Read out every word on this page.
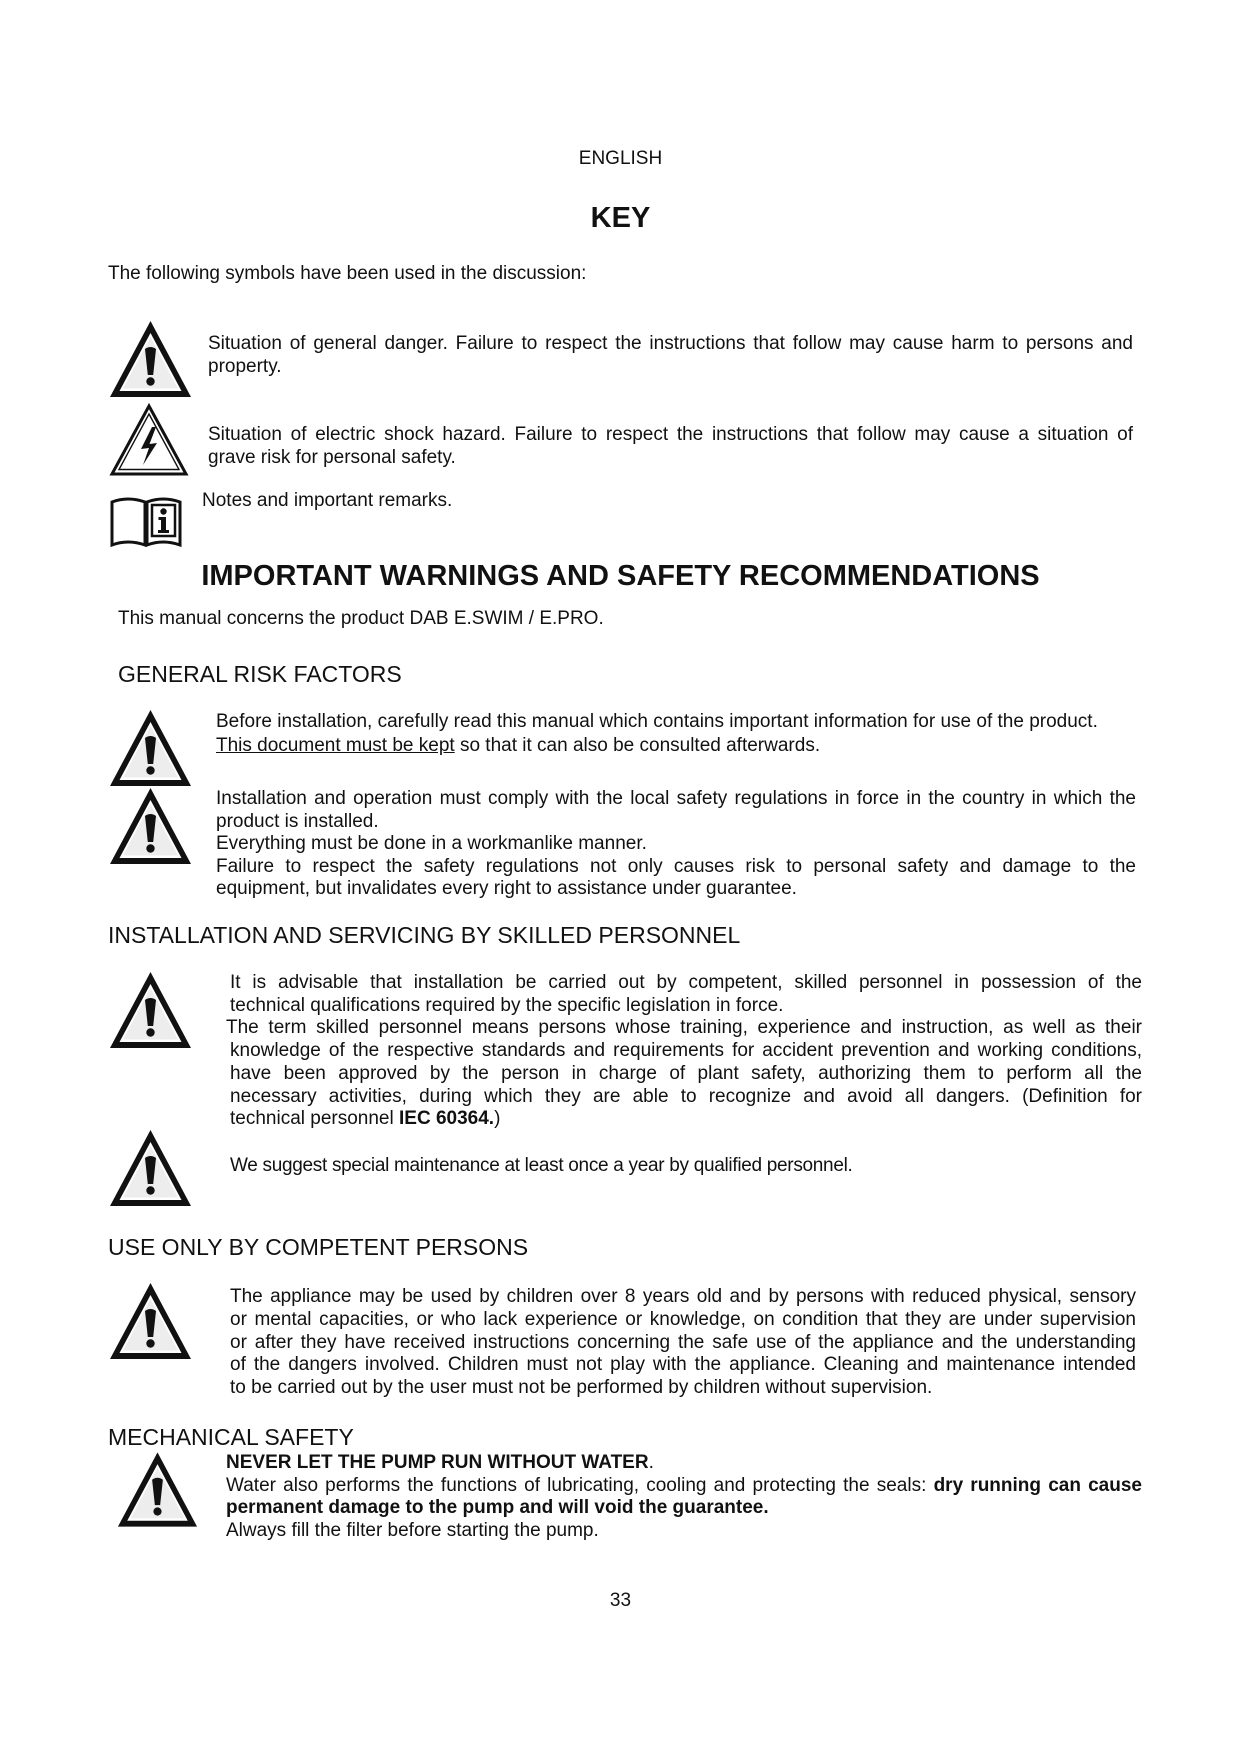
ENGLISH
KEY
The following symbols have been used in the discussion:
Situation of general danger. Failure to respect the instructions that follow may cause harm to persons and
property.
Situation of electric shock hazard. Failure to respect the instructions that follow may cause a situation of
grave risk for personal safety.
Notes and important remarks.
IMPORTANT WARNINGS AND SAFETY RECOMMENDATIONS
This manual concerns the product DAB E.SWIM / E.PRO.
GENERAL RISK FACTORS
Before installation, carefully read this manual which contains important information for use of the product.
This document must be kept so that it can also be consulted afterwards.
Installation and operation must comply with the local safety regulations in force in the country in which the
product is installed.
Everything must be done in a workmanlike manner.
Failure to respect the safety regulations not only causes risk to personal safety and damage to the
equipment, but invalidates every right to assistance under guarantee.
INSTALLATION AND SERVICING BY SKILLED PERSONNEL
It is advisable that installation be carried out by competent, skilled personnel in possession of the
technical qualifications required by the specific legislation in force.
The term skilled personnel means persons whose training, experience and instruction, as well as their
knowledge of the respective standards and requirements for accident prevention and working conditions,
have been approved by the person in charge of plant safety, authorizing them to perform all the
necessary activities, during which they are able to recognize and avoid all dangers. (Definition for
technical personnel IEC 60364.)
We suggest special maintenance at least once a year by qualified personnel.
USE ONLY BY COMPETENT PERSONS
The appliance may be used by children over 8 years old and by persons with reduced physical, sensory
or mental capacities, or who lack experience or knowledge, on condition that they are under supervision
or after they have received instructions concerning the safe use of the appliance and the understanding
of the dangers involved. Children must not play with the appliance. Cleaning and maintenance intended
to be carried out by the user must not be performed by children without supervision.
MECHANICAL SAFETY
NEVER LET THE PUMP RUN WITHOUT WATER.
Water also performs the functions of lubricating, cooling and protecting the seals: dry running can cause
permanent damage to the pump and will void the guarantee.
Always fill the filter before starting the pump.
33
